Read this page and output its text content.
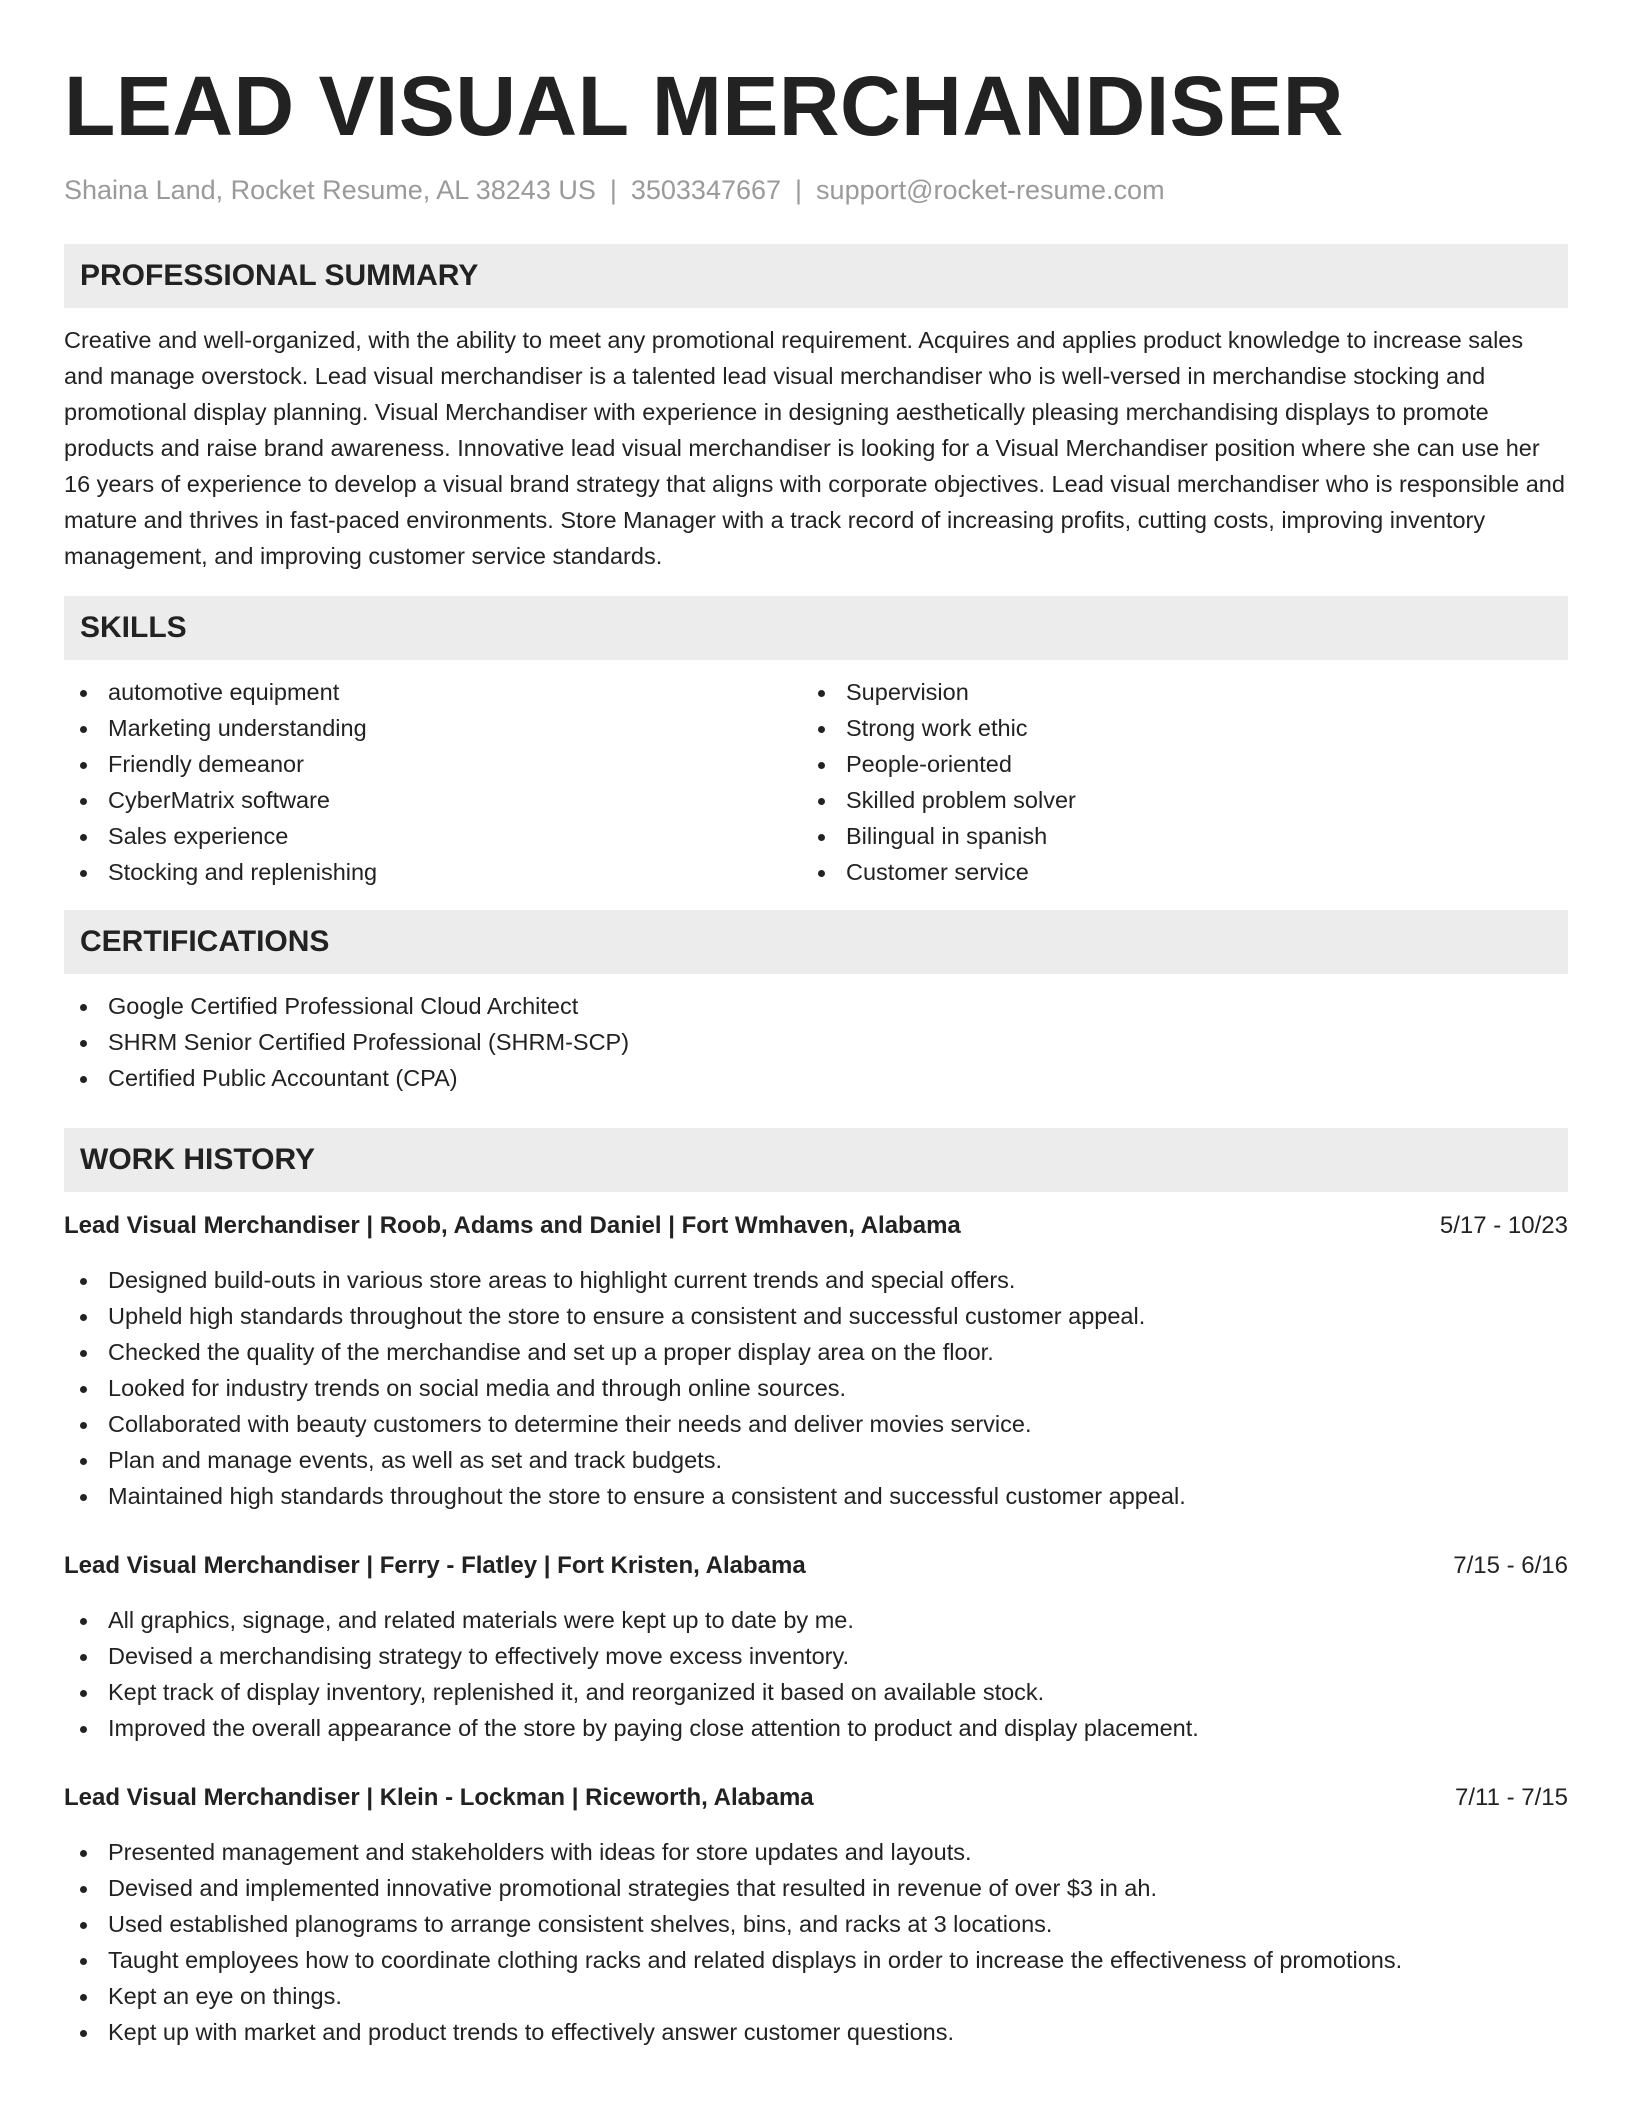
LEAD VISUAL MERCHANDISER
Shaina Land, Rocket Resume, AL 38243 US | 3503347667 | support@rocket-resume.com
PROFESSIONAL SUMMARY

Creative and well-organized, with the ability to meet any promotional requirement. Acquires and applies product knowledge to increase sales and manage overstock. Lead visual merchandiser is a talented lead visual merchandiser who is well-versed in merchandise stocking and promotional display planning. Visual Merchandiser with experience in designing aesthetically pleasing merchandising displays to promote products and raise brand awareness. Innovative lead visual merchandiser is looking for a Visual Merchandiser position where she can use her 16 years of experience to develop a visual brand strategy that aligns with corporate objectives. Lead visual merchandiser who is responsible and mature and thrives in fast-paced environments. Store Manager with a track record of increasing profits, cutting costs, improving inventory management, and improving customer service standards.

SKILLS
automotive equipment
Marketing understanding
Friendly demeanor
CyberMatrix software
Sales experience
Stocking and replenishing
Supervision
Strong work ethic
People-oriented
Skilled problem solver
Bilingual in spanish
Customer service
CERTIFICATIONS
Google Certified Professional Cloud Architect
SHRM Senior Certified Professional (SHRM-SCP)
Certified Public Accountant (CPA)
WORK HISTORY
Lead Visual Merchandiser | Roob, Adams and Daniel | Fort Wmhaven, Alabama	5/17 - 10/23
Designed build-outs in various store areas to highlight current trends and special offers.
Upheld high standards throughout the store to ensure a consistent and successful customer appeal.
Checked the quality of the merchandise and set up a proper display area on the floor.
Looked for industry trends on social media and through online sources.
Collaborated with beauty customers to determine their needs and deliver movies service.
Plan and manage events, as well as set and track budgets.
Maintained high standards throughout the store to ensure a consistent and successful customer appeal.
Lead Visual Merchandiser | Ferry - Flatley | Fort Kristen, Alabama	7/15 - 6/16
All graphics, signage, and related materials were kept up to date by me.
Devised a merchandising strategy to effectively move excess inventory.
Kept track of display inventory, replenished it, and reorganized it based on available stock.
Improved the overall appearance of the store by paying close attention to product and display placement.
Lead Visual Merchandiser | Klein - Lockman | Riceworth, Alabama	7/11 - 7/15
Presented management and stakeholders with ideas for store updates and layouts.
Devised and implemented innovative promotional strategies that resulted in revenue of over $3 in ah.
Used established planograms to arrange consistent shelves, bins, and racks at 3 locations.
Taught employees how to coordinate clothing racks and related displays in order to increase the effectiveness of promotions.
Kept an eye on things.
Kept up with market and product trends to effectively answer customer questions.
